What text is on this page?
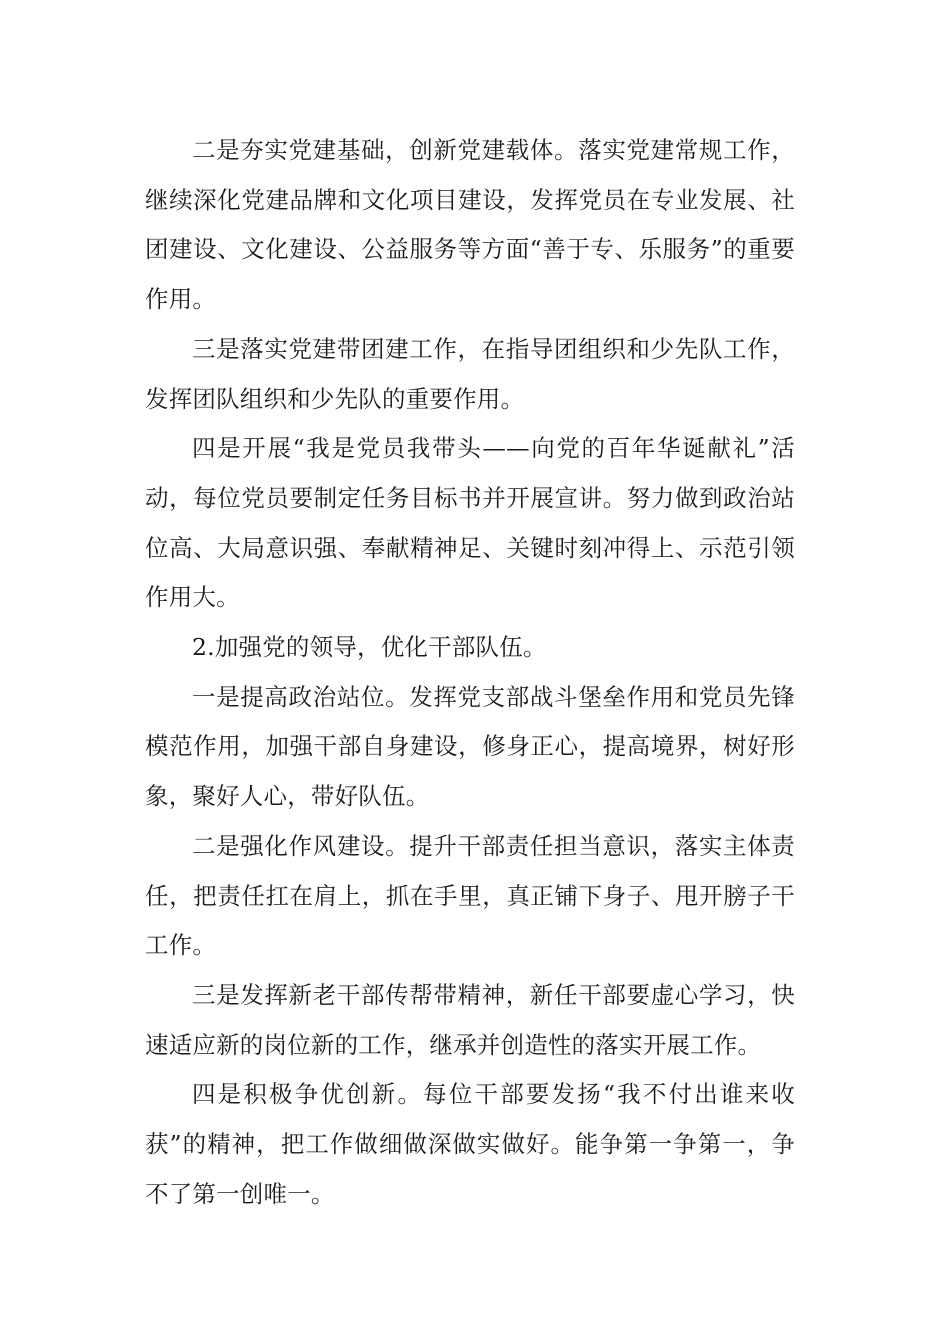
二是夯实党建基础，创新党建载体。落实党建常规工作，继续深化党建品牌和文化项目建设，发挥党员在专业发展、社团建设、文化建设、公益服务等方面“善于专、乐服务”的重要作用。

三是落实党建带团建工作，在指导团组织和少先队工作，发挥团队组织和少先队的重要作用。

四是开展“我是党员我带头——向党的百年华诞献礼”活动，每位党员要制定任务目标书并开展宣讲。努力做到政治站位高、大局意识强、奉献精神足、关键时刻冲得上、示范引领作用大。

2.加强党的领导，优化干部队伍。

一是提高政治站位。发挥党支部战斗堡垒作用和党员先锋模范作用，加强干部自身建设，修身正心，提高境界，树好形象，聚好人心，带好队伍。

二是强化作风建设。提升干部责任担当意识，落实主体责任，把责任扛在肩上，抓在手里，真正铺下身子、甩开膀子干工作。

三是发挥新老干部传帮带精神，新任干部要虚心学习，快速适应新的岗位新的工作，继承并创造性的落实开展工作。

四是积极争优创新。每位干部要发扬“我不付出谁来收获”的精神，把工作做细做深做实做好。能争第一争第一，争不了第一创唯一。
